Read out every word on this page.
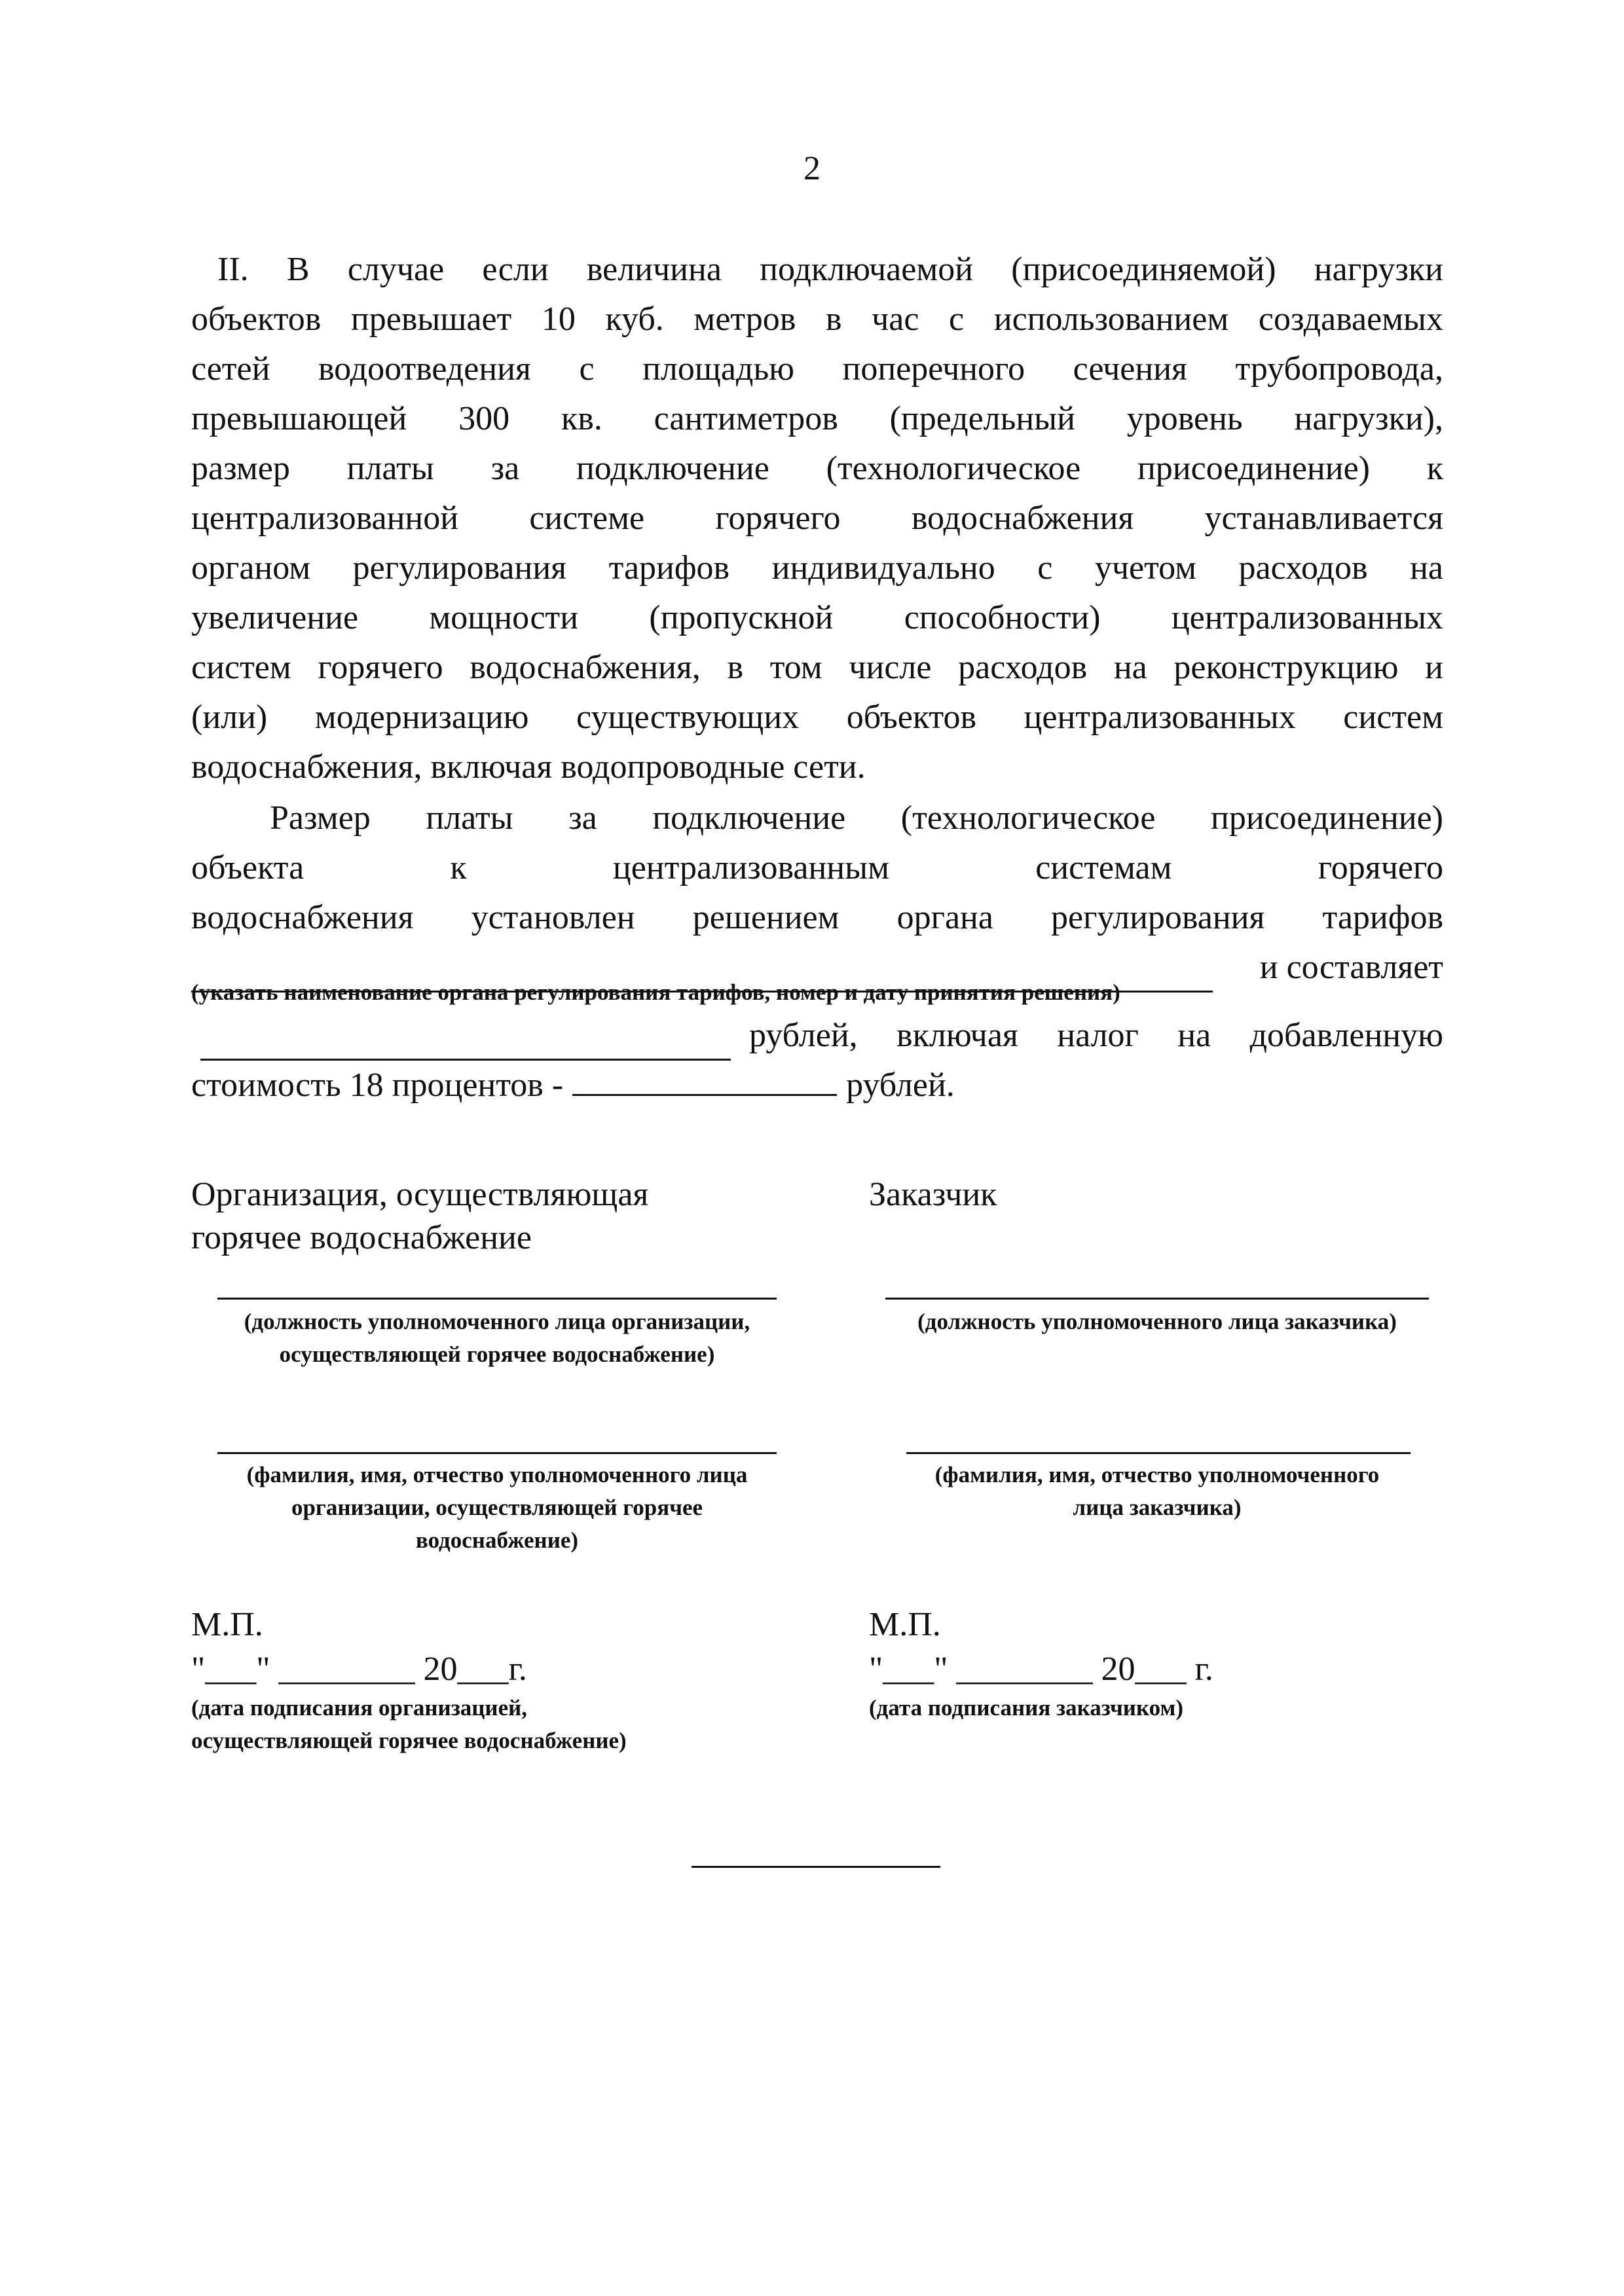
2

II. В случае если величина подключаемой (присоединяемой) нагрузки

объектов превышает 10 куб. метров в час с использованием создаваемых

сетей водоотведения с площадью поперечного сечения трубопровода,

превышающей 300 кв. сантиметров (предельный уровень нагрузки),

размер платы за подключение (технологическое присоединение) к

централизованной системе горячего водоснабжения устанавливается

органом регулирования тарифов индивидуально с учетом расходов на

увеличение мощности (пропускной способности) централизованных

систем горячего водоснабжения, в том числе расходов на реконструкцию и

(или) модернизацию существующих объектов централизованных систем

водоснабжения, включая водопроводные сети.

Размер платы за подключение (технологическое присоединение)

объекта к централизованным системам горячего

водоснабжения установлен решением органа регулирования тарифов

и составляет

(указать наименование органа регулирования тарифов, номер и дату принятия решения)

рублей, включая налог на добавленную

стоимость 18 процентов -	рублей.

Организация, осуществляющая
горячее водоснабжение
Заказчик
(должность уполномоченного лица организации,
осуществляющей горячее водоснабжение)
(должность уполномоченного лица заказчика)
(фамилия, имя, отчество уполномоченного лица
организации, осуществляющей горячее
водоснабжение)
(фамилия, имя, отчество уполномоченного
лица заказчика)
М.П.	М.П.
"___" ________ 20___г.	"___" ________ 20___ г.
(дата подписания организацией,
осуществляющей горячее водоснабжение)
(дата подписания заказчиком)
